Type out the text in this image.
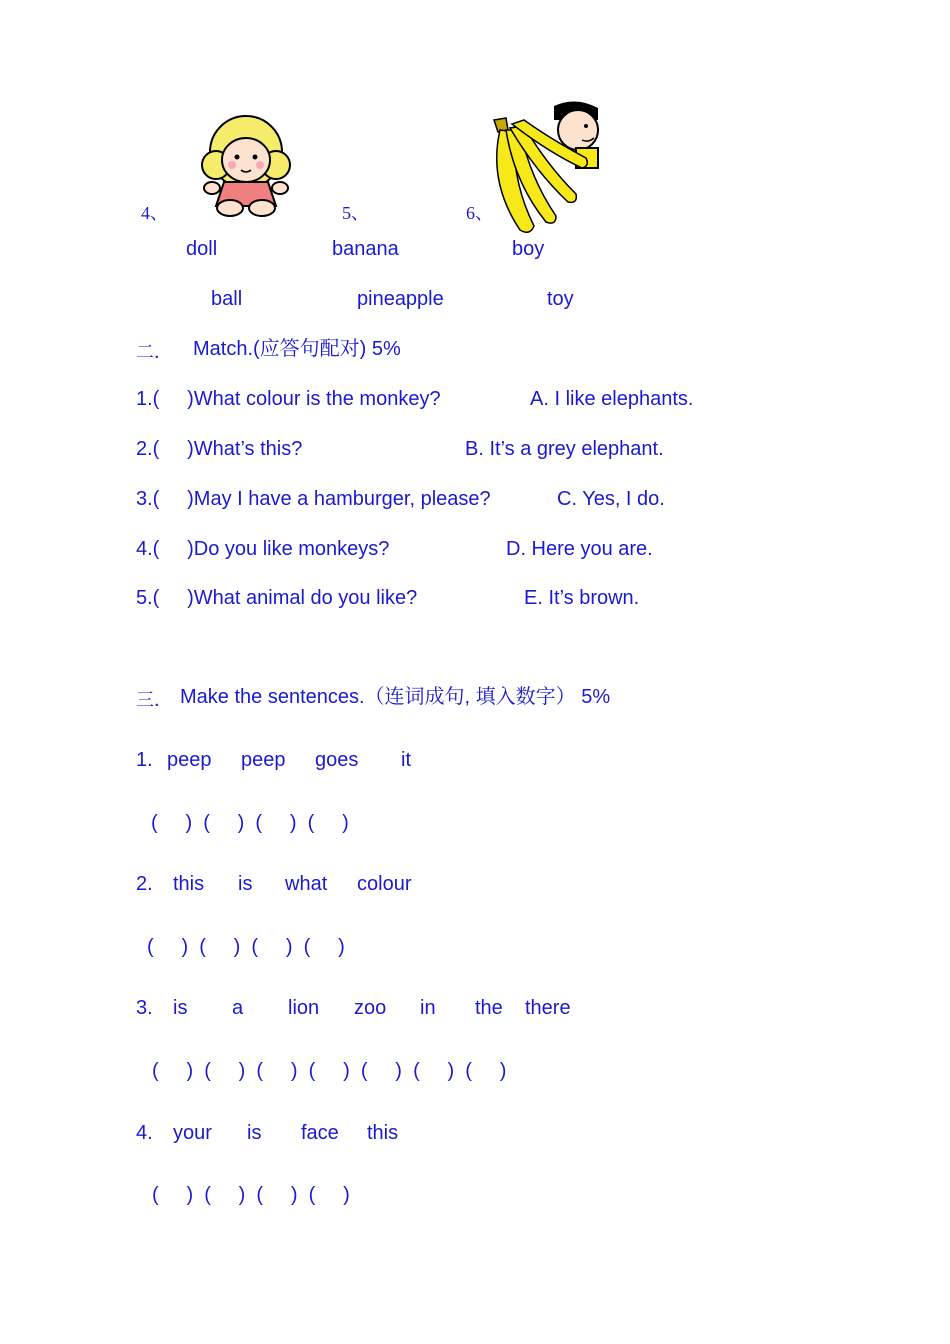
4、	5、	6、
doll	banana	boy
ball	pineapple	toy
二． Match.(应答句配对) 5%
1.(     )What colour is the monkey?	A. I like elephants.
2.(     )What’s this?	B. It’s a grey elephant.
3.(     )May I have a hamburger, please?	C. Yes, I do.
4.(     )Do you like monkeys?	D. Here you are.
5.(     )What animal do you like?	E. It’s brown.
三． Make the sentences.（连词成句, 填入数字） 5%
1. peep peep goes it
(     )  (     )  (     )  (     )
2. this is what colour
(     )  (     )  (     )  (     )
3. is a lion zoo in the there
(     )  (     )  (     )  (     )  (     )  (     )  (     )
4. your is face this
(     )  (     )  (     )  (     )
